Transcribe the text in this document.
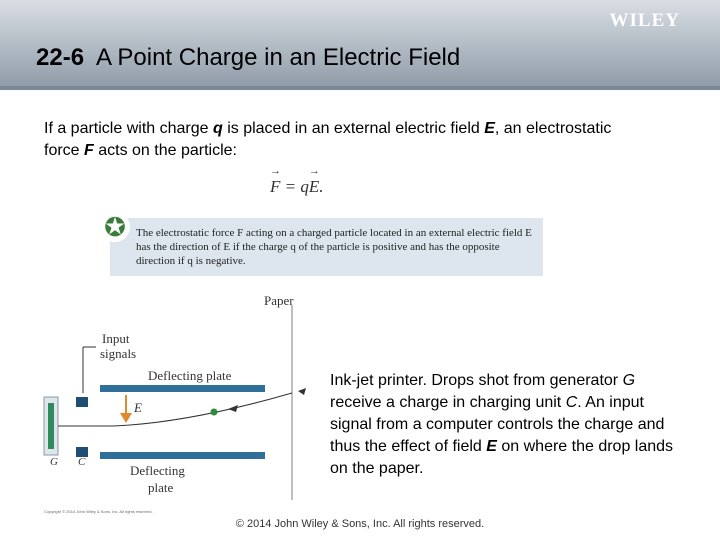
WILEY
22-6 A Point Charge in an Electric Field
If a particle with charge q is placed in an external electric field E, an electrostatic force F acts on the particle:
→ F = q→ E.

The electrostatic force F acting on a charged particle located in an external electric field E has the direction of E if the charge q of the particle is positive and has the opposite direction if q is negative.

✪
Paper
Input
signals
Deflecting plate
Deflecting
plate
E
G C
Ink-jet printer. Drops shot from generator G receive a charge in charging unit C. An input signal from a computer controls the charge and thus the effect of field E on where the drop lands on the paper.
Copyright © 2014 John Wiley & Sons, Inc. All rights reserved.
© 2014 John Wiley & Sons, Inc. All rights reserved.
